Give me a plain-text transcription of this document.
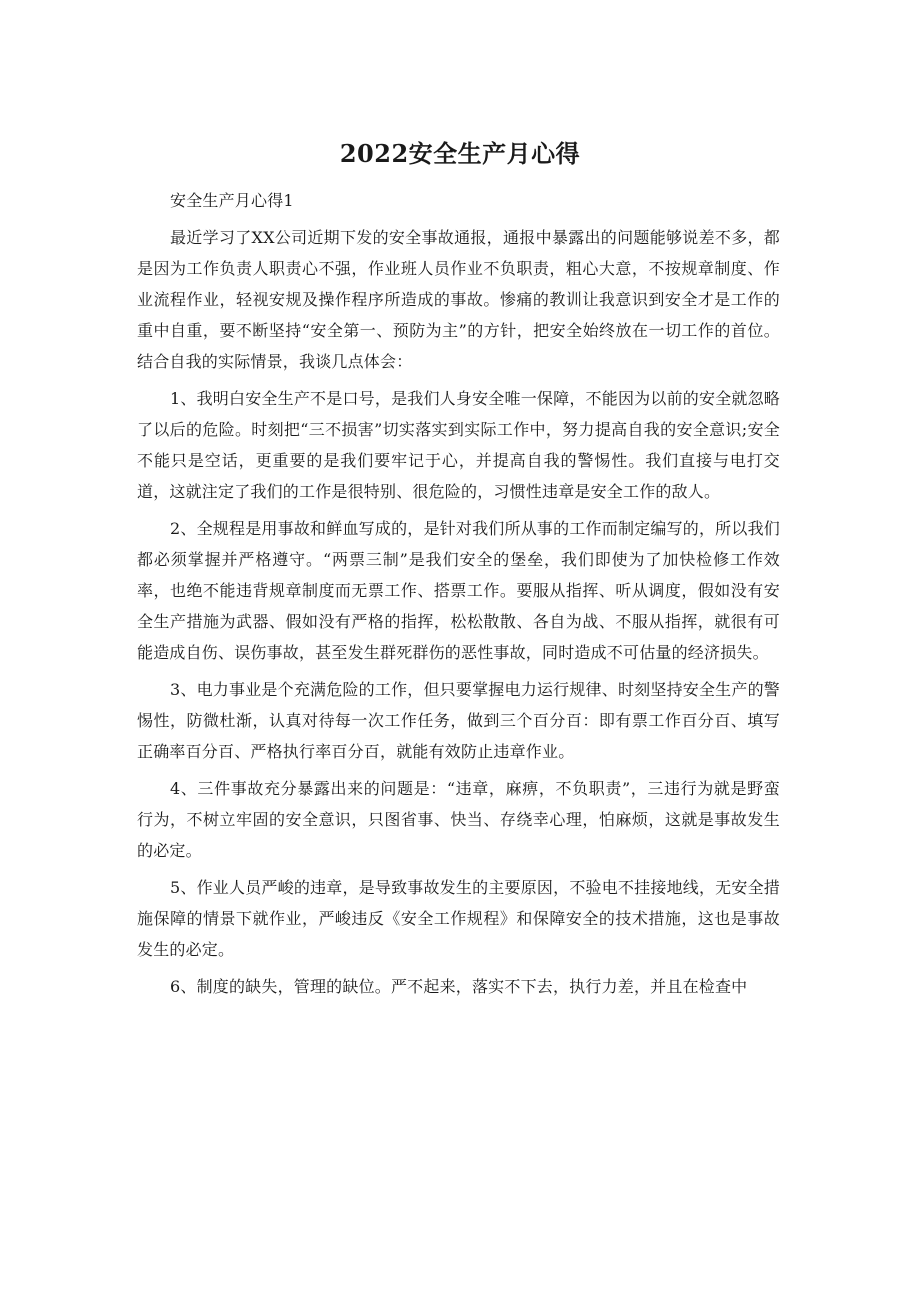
2022安全生产月心得

安全生产月心得1

最近学习了XX公司近期下发的安全事故通报，通报中暴露出的问题能够说差不多，都是因为工作负责人职责心不强，作业班人员作业不负职责，粗心大意，不按规章制度、作业流程作业，轻视安规及操作程序所造成的事故。惨痛的教训让我意识到安全才是工作的重中自重，要不断坚持“安全第一、预防为主”的方针，把安全始终放在一切工作的首位。结合自我的实际情景，我谈几点体会：

1、我明白安全生产不是口号，是我们人身安全唯一保障，不能因为以前的安全就忽略了以后的危险。时刻把“三不损害”切实落实到实际工作中，努力提高自我的安全意识;安全不能只是空话，更重要的是我们要牢记于心，并提高自我的警惕性。我们直接与电打交道，这就注定了我们的工作是很特别、很危险的，习惯性违章是安全工作的敌人。

2、全规程是用事故和鲜血写成的，是针对我们所从事的工作而制定编写的，所以我们都必须掌握并严格遵守。“两票三制”是我们安全的堡垒，我们即使为了加快检修工作效率，也绝不能违背规章制度而无票工作、搭票工作。要服从指挥、听从调度，假如没有安全生产措施为武器、假如没有严格的指挥，松松散散、各自为战、不服从指挥，就很有可能造成自伤、误伤事故，甚至发生群死群伤的恶性事故，同时造成不可估量的经济损失。

3、电力事业是个充满危险的工作，但只要掌握电力运行规律、时刻坚持安全生产的警惕性，防微杜渐，认真对待每一次工作任务，做到三个百分百：即有票工作百分百、填写正确率百分百、严格执行率百分百，就能有效防止违章作业。

4、三件事故充分暴露出来的问题是：“违章，麻痹，不负职责”，三违行为就是野蛮行为，不树立牢固的安全意识，只图省事、快当、存绕幸心理，怕麻烦，这就是事故发生的必定。

5、作业人员严峻的违章，是导致事故发生的主要原因，不验电不挂接地线，无安全措施保障的情景下就作业，严峻违反《安全工作规程》和保障安全的技术措施，这也是事故发生的必定。

6、制度的缺失，管理的缺位。严不起来，落实不下去，执行力差，并且在检查中
